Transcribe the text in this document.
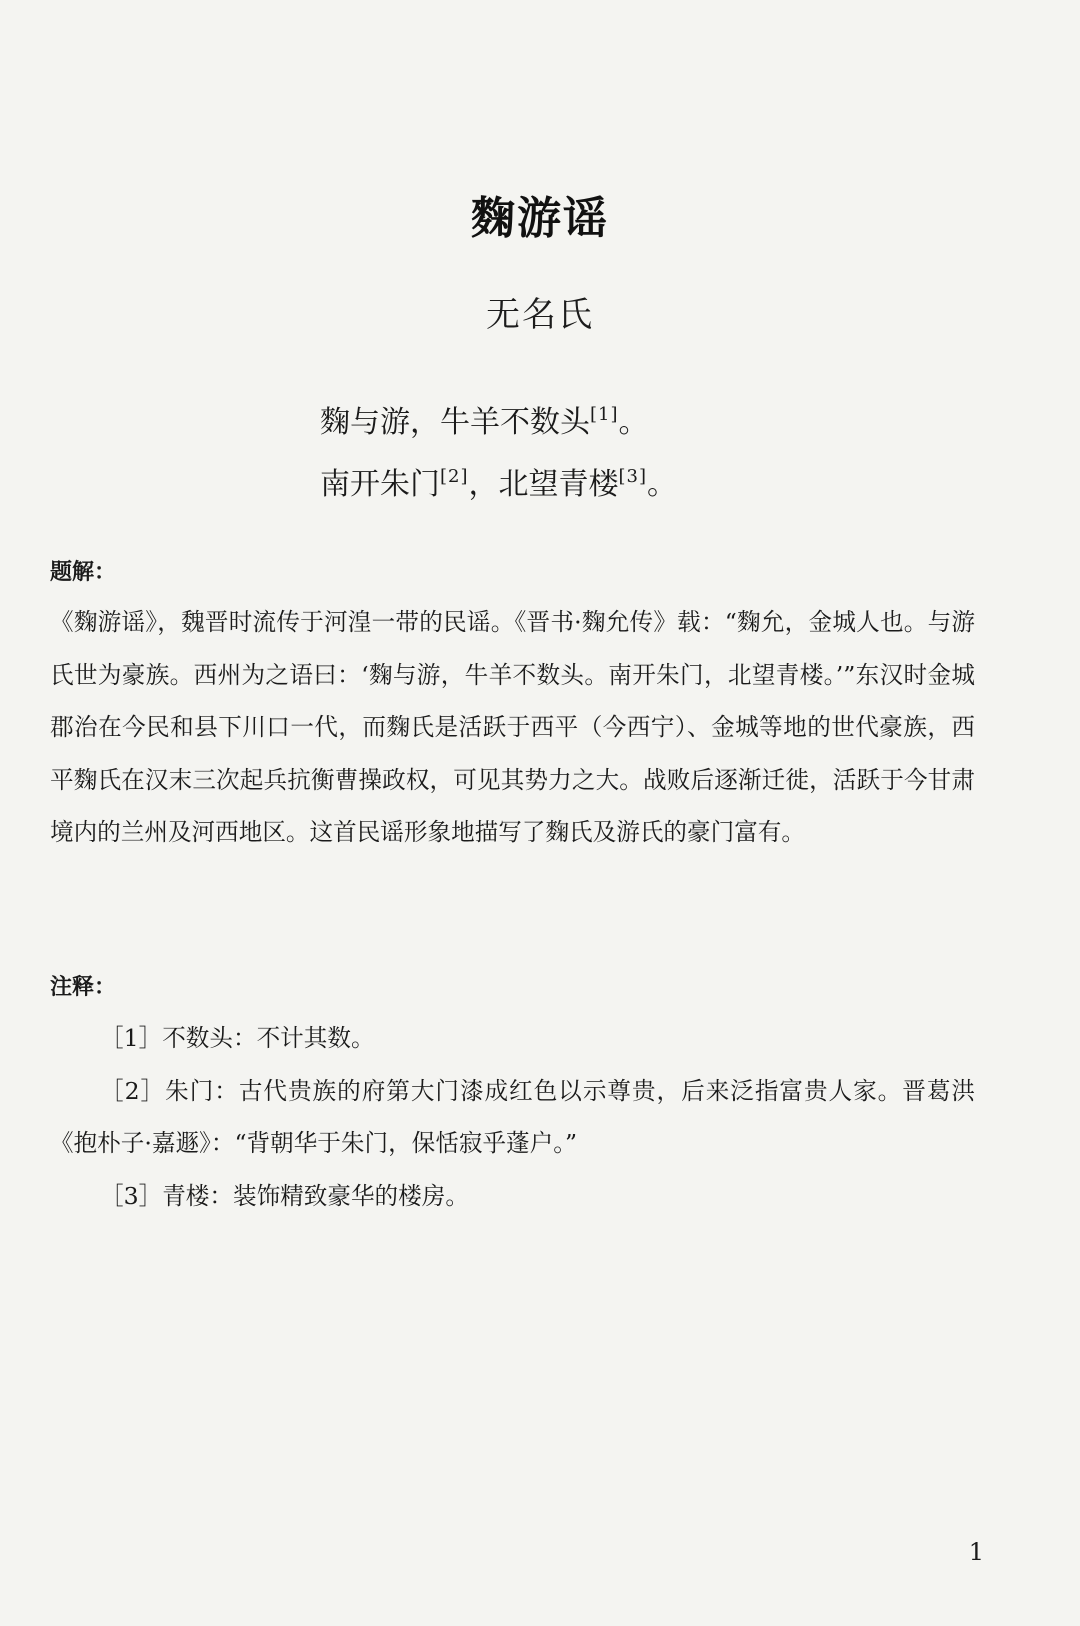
麴游谣
无名氏
麴与游，牛羊不数头[1]。
南开朱门[2]，北望青楼[3]。
题解：
《麴游谣》，魏晋时流传于河湟一带的民谣。《晋书·麴允传》载：“麴允，金城人也。与游氏世为豪族。西州为之语曰：‘麴与游，牛羊不数头。南开朱门，北望青楼。’”东汉时金城郡治在今民和县下川口一代，而麴氏是活跃于西平（今西宁）、金城等地的世代豪族，西平麴氏在汉末三次起兵抗衡曹操政权，可见其势力之大。战败后逐渐迁徙，活跃于今甘肃境内的兰州及河西地区。这首民谣形象地描写了麴氏及游氏的豪门富有。
注释：
［1］不数头：不计其数。
［2］朱门：古代贵族的府第大门漆成红色以示尊贵，后来泛指富贵人家。晋葛洪《抱朴子·嘉遯》：“背朝华于朱门，保恬寂乎蓬户。”
［3］青楼：装饰精致豪华的楼房。
1
